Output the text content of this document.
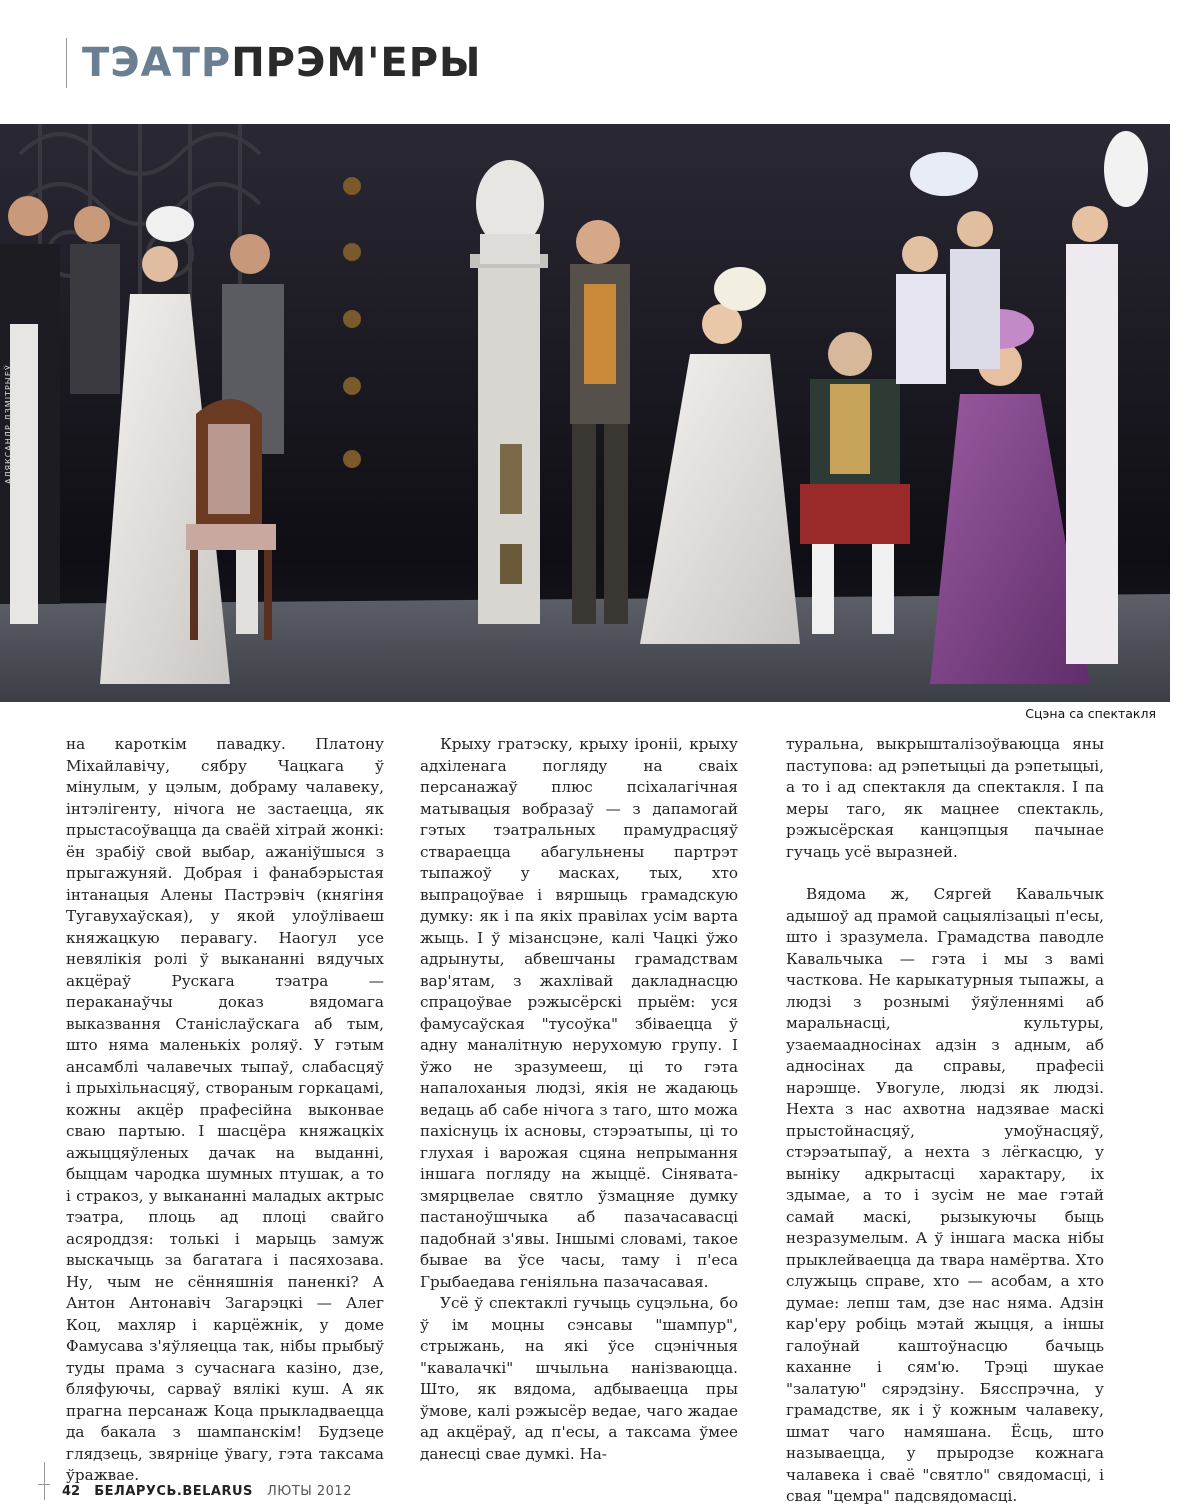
ТЭАТРПРЭМ'ЕРЫ
АЛЯКСАНДР ДЗМІТРЫЕЎ
Сцэна са спектакля

на кароткім павадку. Платону Міхайлавічу, сябру Чацкага ў мінулым, у цэлым, добраму чалавеку, інтэлігенту, нічога не застаецца, як прыстасоўвацца да сваёй хітрай жонкі: ён зрабіў свой выбар, ажаніўшыся з прыгажуняй. Добрая і фанабэрыстая інтанацыя Алены Пастрэвіч (княгіня Тугавухаўская), у якой улоўліваеш княжацкую перавагу. Наогул усе невялікія ролі ў выкананні вядучых акцёраў Рускага тэатра — пераканаўчы доказ вядомага выказвання Станіслаўскага аб тым, што няма маленькіх роляў. У гэтым ансамблі чалавечых тыпаў, слабасцяў і прыхільнасцяў, створаным горкацамі, кожны акцёр прафесійна выконвае сваю партыю. І шасцёра княжацкіх ажыццяўленых дачак на выданні, быццам чародка шумных птушак, а то і стракоз, у выкананні маладых актрыс тэатра, плоць ад плоці свайго асяроддзя: толькі і марыць замуж выскачыць за багатага і пасяхозава. Ну, чым не сённяшнія паненкі? А Антон Антонавіч Загарэцкі — Алег Коц, махляр і карцёжнік, у доме Фамусава з'яўляецца так, нібы прыбыў туды прама з сучаснага казіно, дзе, бляфуючы, сарваў вялікі куш. А як прагна персанаж Коца прыкладваецца да бакала з шампанскім! Будзеце глядзець, звярніце ўвагу, гэта таксама ўражвае.

Крыху гратэску, крыху іроніі, крыху адхіленага погляду на сваіх персанажаў плюс псіхалагічная матывацыя вобразаў — з дапамогай гэтых тэатральных прамудрасцяў ствараецца абагульнены партрэт тыпажоў у масках, тых, хто выпрацоўвае і вяршыць грамадскую думку: як і па якіх правілах усім варта жыць. І ў мізансцэне, калі Чацкі ўжо адрынуты, абвешчаны грамадствам вар'ятам, з жахлівай дакладнасцю спрацоўвае рэжысёрскі прыём: уся фамусаўская "тусоўка" збіваецца ў адну маналітную нерухомую групу. І ўжо не зразумееш, ці то гэта напалоханыя людзі, якія не жадаюць ведаць аб сабе нічога з таго, што можа пахіснуць іх асновы, стэрэатыпы, ці то глухая і варожая сцяна непрымання іншага погляду на жыццё. Сінявата-змярцвелае святло ўзмацняе думку пастаноўшчыка аб пазачасавасці падобнай з'явы. Іншымі словамі, такое бывае ва ўсе часы, таму і п'еса Грыбаедава геніяльна пазачасавая.

Усё ў спектаклі гучыць суцэльна, бо ў ім моцны сэнсавы "шампур", стрыжань, на які ўсе сцэнічныя "кавалачкі" шчыльна нанізваюцца. Што, як вядома, адбываецца пры ўмове, калі рэжысёр ведае, чаго жадае ад акцёраў, ад п'есы, а таксама ўмее данесці свае думкі. На-

туральна, выкрышталізоўваюцца яны паступова: ад рэпетыцыі да рэпетыцыі, а то і ад спектакля да спектакля. І па меры таго, як мацнее спектакль, рэжысёрская канцэпцыя пачынае гучаць усё выразней.

Вядома ж, Сяргей Кавальчык адышоў ад прамой сацыялізацыі п'есы, што і зразумела. Грамадства паводле Кавальчыка — гэта і мы з вамі часткова. Не карыкатурныя тыпажы, а людзі з рознымі ўяўленнямі аб маральнасці, культуры, узаемаадносінах адзін з адным, аб адносінах да справы, прафесіі нарэшце. Увогуле, людзі як людзі. Нехта з нас ахвотна надзявае маскі прыстойнасцяў, умоўнасцяў, стэрэатыпаў, а нехта з лёгкасцю, у выніку адкрытасці характару, іх здымае, а то і зусім не мае гэтай самай маскі, рызыкуючы быць незразумелым. А ў іншага маска нібы прыклейваецца да твара намёртва. Хто служыць справе, хто — асобам, а хто думае: лепш там, дзе нас няма. Адзін кар'еру робіць мэтай жыцця, а іншы галоўнай каштоўнасцю бачыць каханне і сям'ю. Трэці шукае "залатую" сярэдзіну. Бясспрэчна, у грамадстве, як і ў кожным чалавеку, шмат чаго намяшана. Ёсць, што называецца, у прыродзе кожнага чалавека і сваё "святло" свядомасці, і свая "цемра" падсвядомасці.

42 БЕЛАРУСЬ.BELARUS ЛЮТЫ 2012
